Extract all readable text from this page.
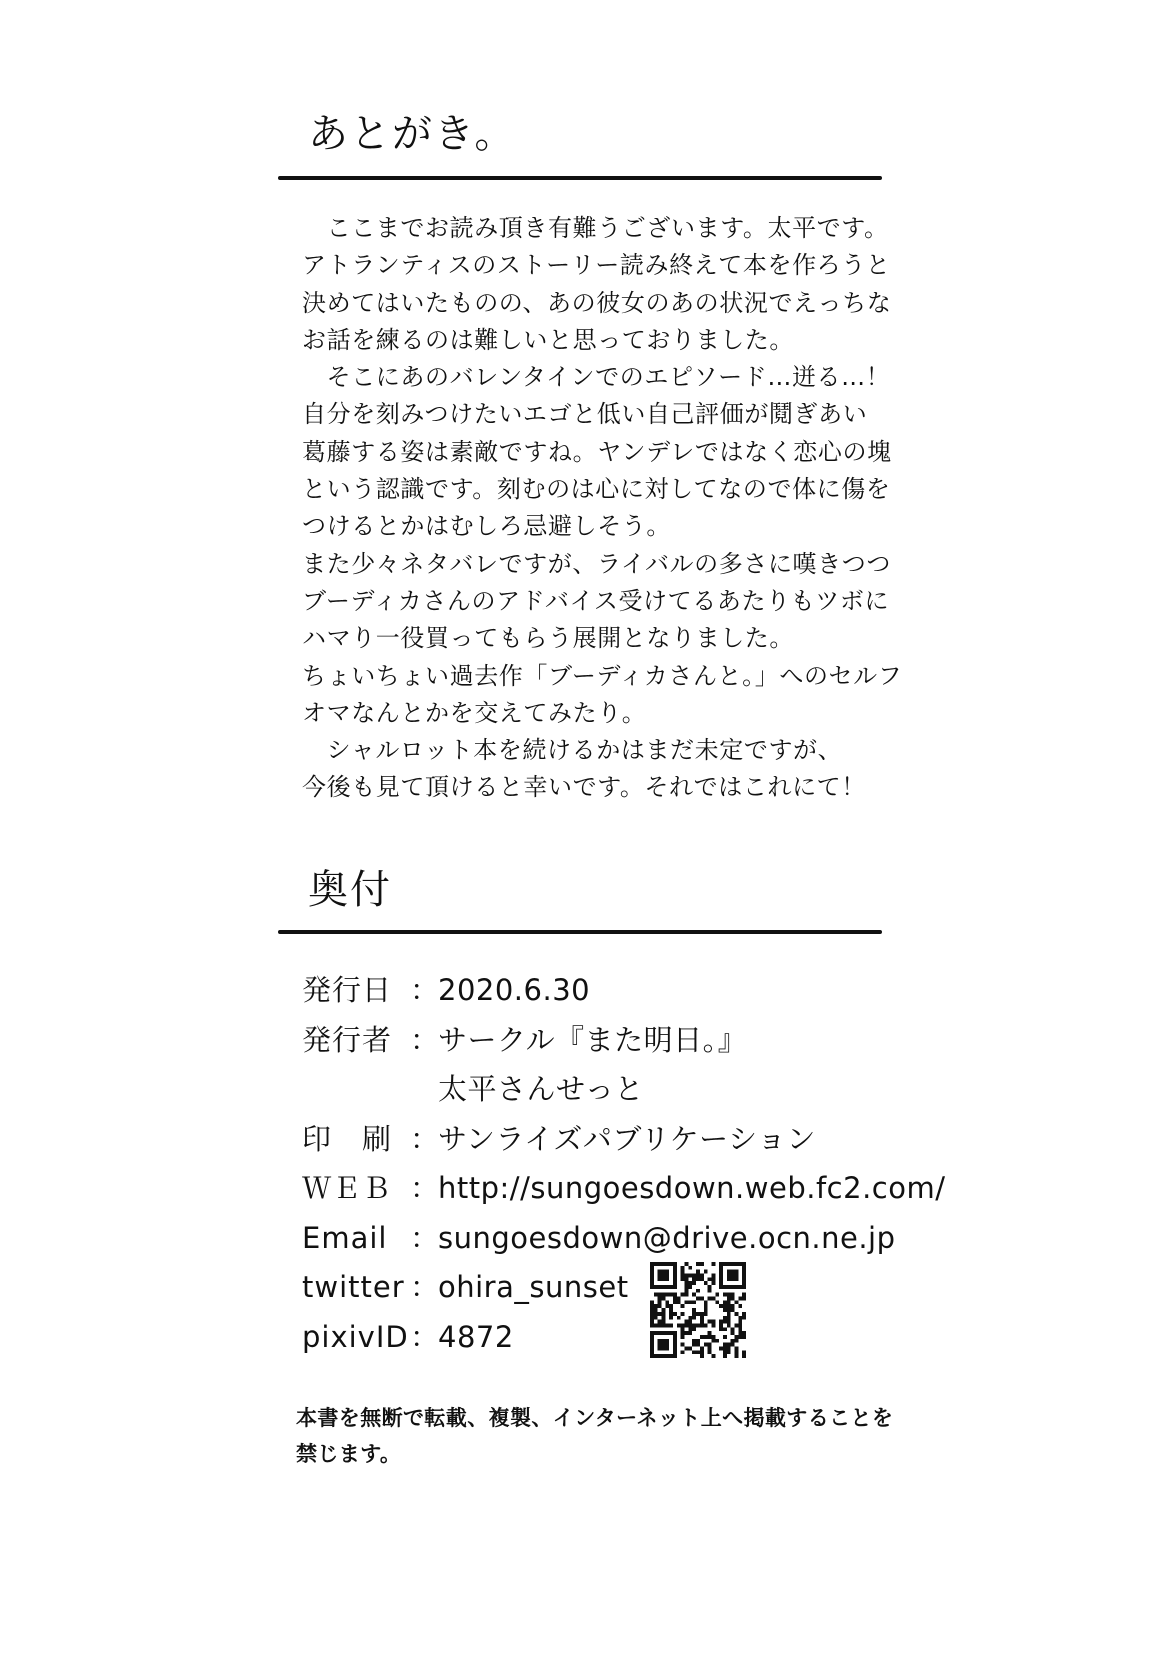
あとがき。
　ここまでお読み頂き有難うございます。太平です。
アトランティスのストーリー読み終えて本を作ろうと
決めてはいたものの、あの彼女のあの状況でえっちな
お話を練るのは難しいと思っておりました。
　そこにあのバレンタインでのエピソード…迸る…！
自分を刻みつけたいエゴと低い自己評価が鬩ぎあい
葛藤する姿は素敵ですね。ヤンデレではなく恋心の塊
という認識です。刻むのは心に対してなので体に傷を
つけるとかはむしろ忌避しそう。
また少々ネタバレですが、ライバルの多さに嘆きつつ
ブーディカさんのアドバイス受けてるあたりもツボに
ハマり一役買ってもらう展開となりました。
ちょいちょい過去作「ブーディカさんと。」へのセルフ
オマなんとかを交えてみたり。
　シャルロット本を続けるかはまだ未定ですが、
今後も見て頂けると幸いです。それではこれにて！
奥付
発行日 ：
2020.6.30
発行者 ：
サークル『また明日。』
太平さんせっと
印　刷 ：
サンライズパブリケーション
ＷＥＢ ：
http://sungoesdown.web.fc2.com/
Email ：
sungoesdown@drive.ocn.ne.jp
twitter ：
ohira_sunset
pixivID ：
4872
本書を無断で転載、複製、インターネット上へ掲載することを
禁じます。
